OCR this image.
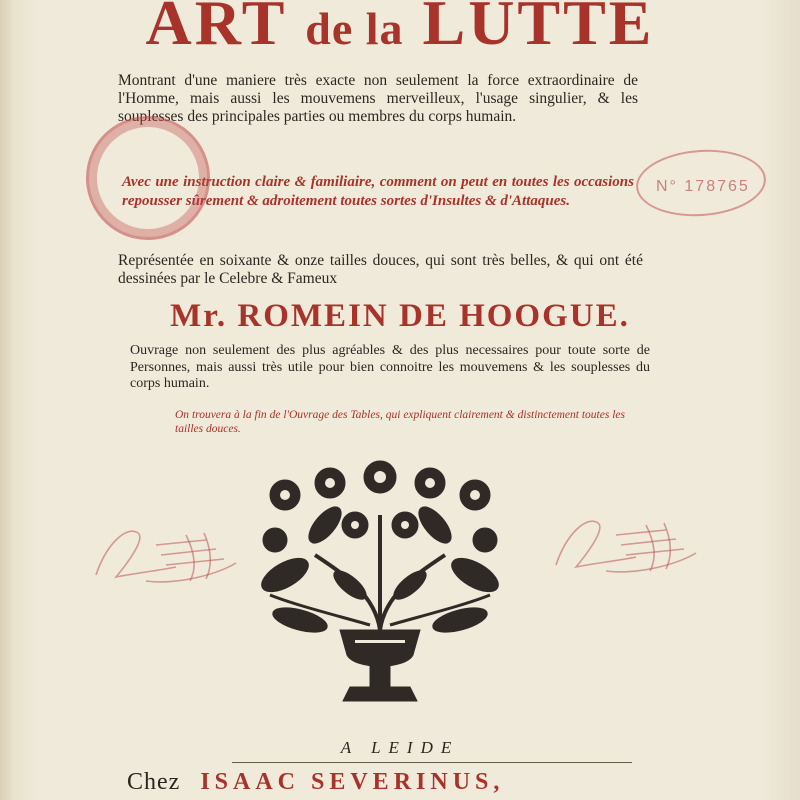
ART de la LUTTE
Montrant d'une maniere très exacte non seulement la force extraordinaire de l'Homme, mais aussi les mouvemens merveilleux, l'usage singulier, & les souplesses des principales parties ou membres du corps humain.
Avec une instruction claire & familiaire, comment on peut en toutes les occasions repousser sûrement & adroitement toutes sortes d'Insultes & d'Attaques.
Représentée en soixante & onze tailles douces, qui sont très belles, & qui ont été dessinées par le Celebre & Fameux
Mr. ROMEIN DE HOOGUE.
Ouvrage non seulement des plus agréables & des plus necessaires pour toute sorte de Personnes, mais aussi très utile pour bien connoitre les mouvemens & les souplesses du corps humain.
On trouvera à la fin de l'Ouvrage des Tables, qui expliquent clairement & distinctement toutes les tailles douces.
N° 178765
A LEIDE
Chez ISAAC SEVERINUS,
